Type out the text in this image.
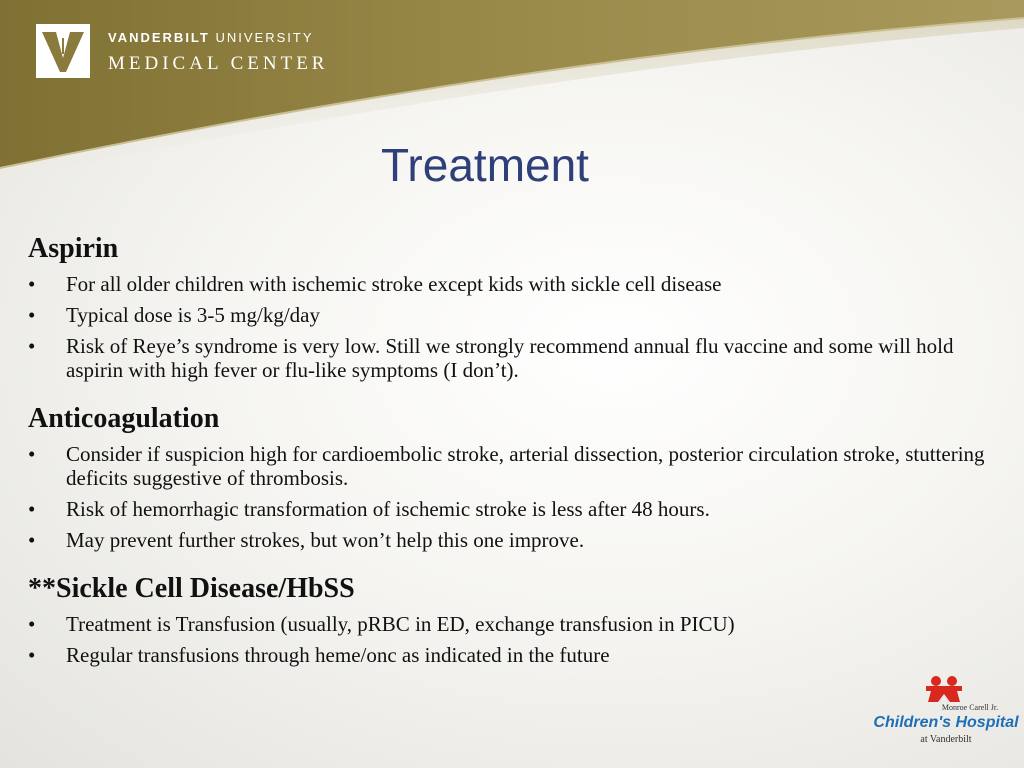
VANDERBILT UNIVERSITY
MEDICAL CENTER
Treatment
Aspirin
•	For all older children with ischemic stroke except kids with sickle cell disease
•	Typical dose is 3-5 mg/kg/day
•	Risk of Reye’s syndrome is very low. Still we strongly recommend annual flu vaccine and some will hold aspirin with high fever or flu-like symptoms (I don’t).
Anticoagulation
•	Consider if suspicion high for cardioembolic stroke, arterial dissection, posterior circulation stroke, stuttering deficits suggestive of thrombosis.
•	Risk of hemorrhagic transformation of ischemic stroke is less after 48 hours.
•	May prevent further strokes, but won’t help this one improve.
**Sickle Cell Disease/HbSS
•	Treatment is Transfusion (usually, pRBC in ED, exchange transfusion in PICU)
•	Regular transfusions through heme/onc as indicated in the future
Monroe Carell Jr.
Children's Hospital
at Vanderbilt
